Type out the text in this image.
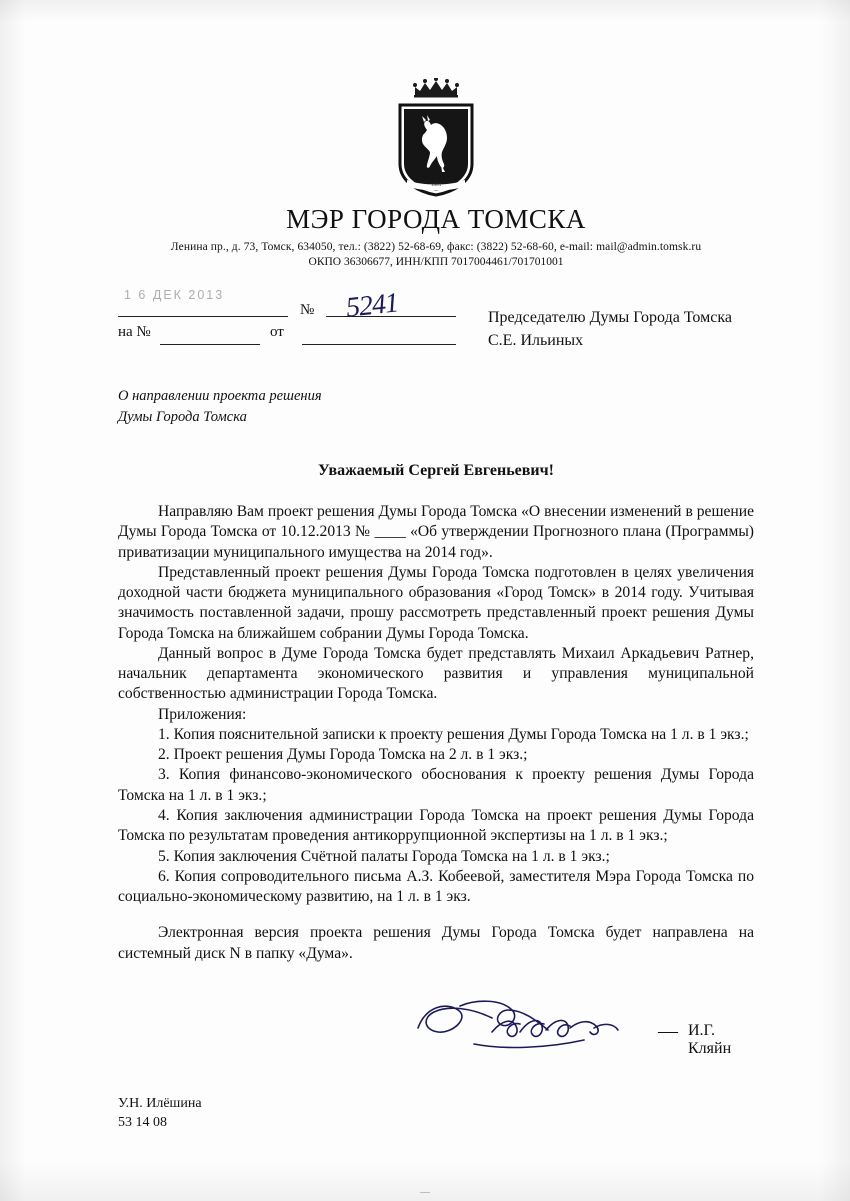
1804
МЭР ГОРОДА ТОМСКА
Ленина пр., д. 73, Томск, 634050, тел.: (3822) 52-68-69, факс: (3822) 52-68-60, e-mail: mail@admin.tomsk.ru
ОКПО 36306677, ИНН/КПП 7017004461/701701001
1 6 ДЕК 2013
№ 5241
на №	от
Председателю Думы Города Томска
С.Е. Ильиных
О направлении проекта решения
Думы Города Томска
Уважаемый Сергей Евгеньевич!

Направляю Вам проект решения Думы Города Томска «О внесении изменений в решение Думы Города Томска от 10.12.2013 № ____ «Об утверждении Прогнозного плана (Программы) приватизации муниципального имущества на 2014 год».

Представленный проект решения Думы Города Томска подготовлен в целях увеличения доходной части бюджета муниципального образования «Город Томск» в 2014 году. Учитывая значимость поставленной задачи, прошу рассмотреть представленный проект решения Думы Города Томска на ближайшем собрании Думы Города Томска.

Данный вопрос в Думе Города Томска будет представлять Михаил Аркадьевич Ратнер, начальник департамента экономического развития и управления муниципальной собственностью администрации Города Томска.

Приложения:

1. Копия пояснительной записки к проекту решения Думы Города Томска на 1 л. в 1 экз.;

2. Проект решения Думы Города Томска на 2 л. в 1 экз.;

3. Копия финансово-экономического обоснования к проекту решения Думы Города Томска на 1 л. в 1 экз.;

4. Копия заключения администрации Города Томска на проект решения Думы Города Томска по результатам проведения антикоррупционной экспертизы на 1 л. в 1 экз.;

5. Копия заключения Счётной палаты Города Томска на 1 л. в 1 экз.;

6. Копия сопроводительного письма А.З. Кобеевой, заместителя Мэра Города Томска по социально-экономическому развитию, на 1 л. в 1 экз.

Электронная версия проекта решения Думы Города Томска будет направлена на системный диск N в папку «Дума».

— И.Г. Кляйн
У.Н. Илёшина
53 14 08
